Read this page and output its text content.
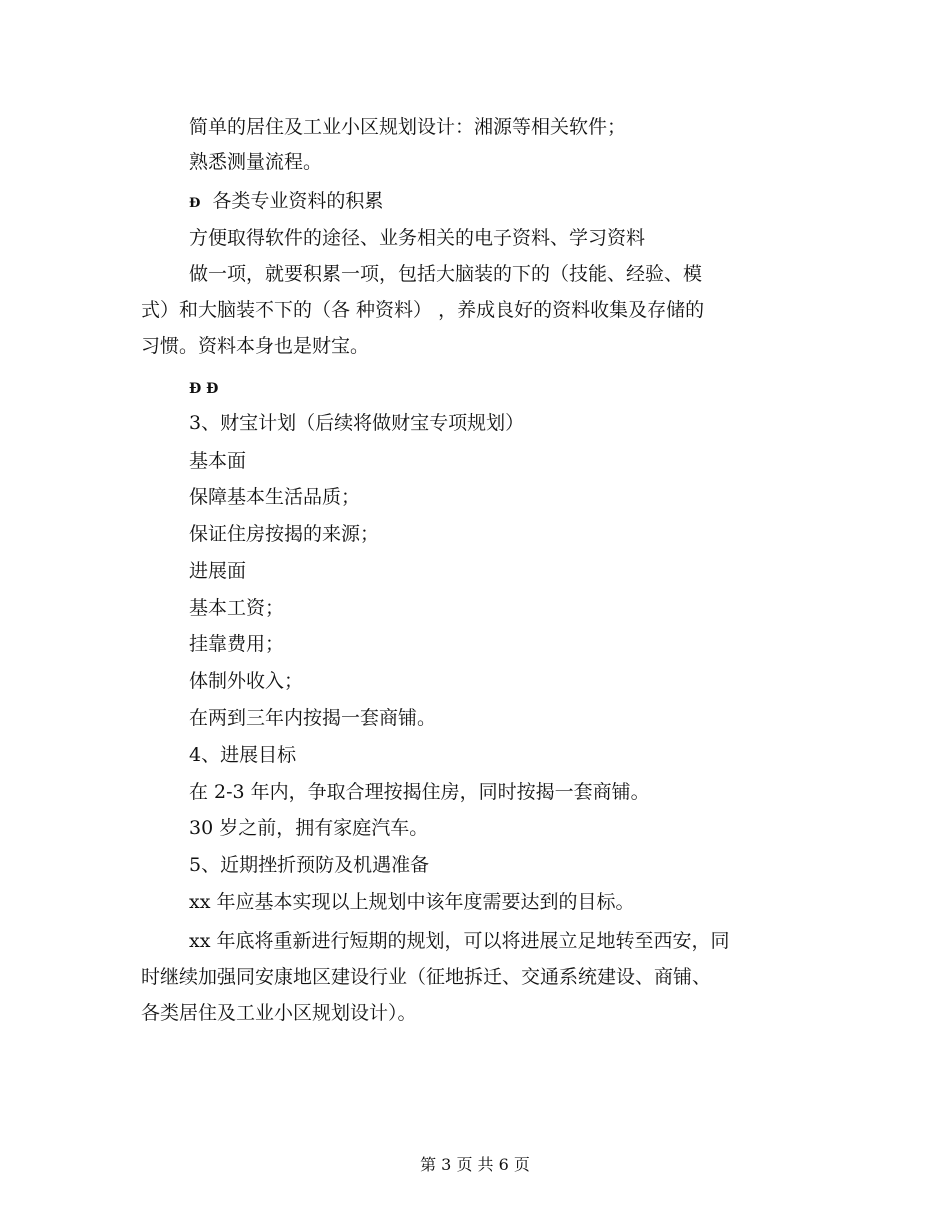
简单的居住及工业小区规划设计：湘源等相关软件；
熟悉测量流程。
Ð 各类专业资料的积累
方便取得软件的途径、业务相关的电子资料、学习资料
做一项，就要积累一项，包括大脑装的下的（技能、经验、模
式）和大脑装不下的（各 种资料） ，养成良好的资料收集及存储的
习惯。资料本身也是财宝。
Ð Ð
3、财宝计划（后续将做财宝专项规划）
基本面
保障基本生活品质；
保证住房按揭的来源；
进展面
基本工资；
挂靠费用；
体制外收入；
在两到三年内按揭一套商铺。
4、进展目标
在 2-3 年内，争取合理按揭住房，同时按揭一套商铺。
30 岁之前，拥有家庭汽车。
5、近期挫折预防及机遇准备
xx 年应基本实现以上规划中该年度需要达到的目标。
xx 年底将重新进行短期的规划，可以将进展立足地转至西安，同
时继续加强同安康地区建设行业（征地拆迁、交通系统建设、商铺、
各类居住及工业小区规划设计）。
第 3 页 共 6 页
